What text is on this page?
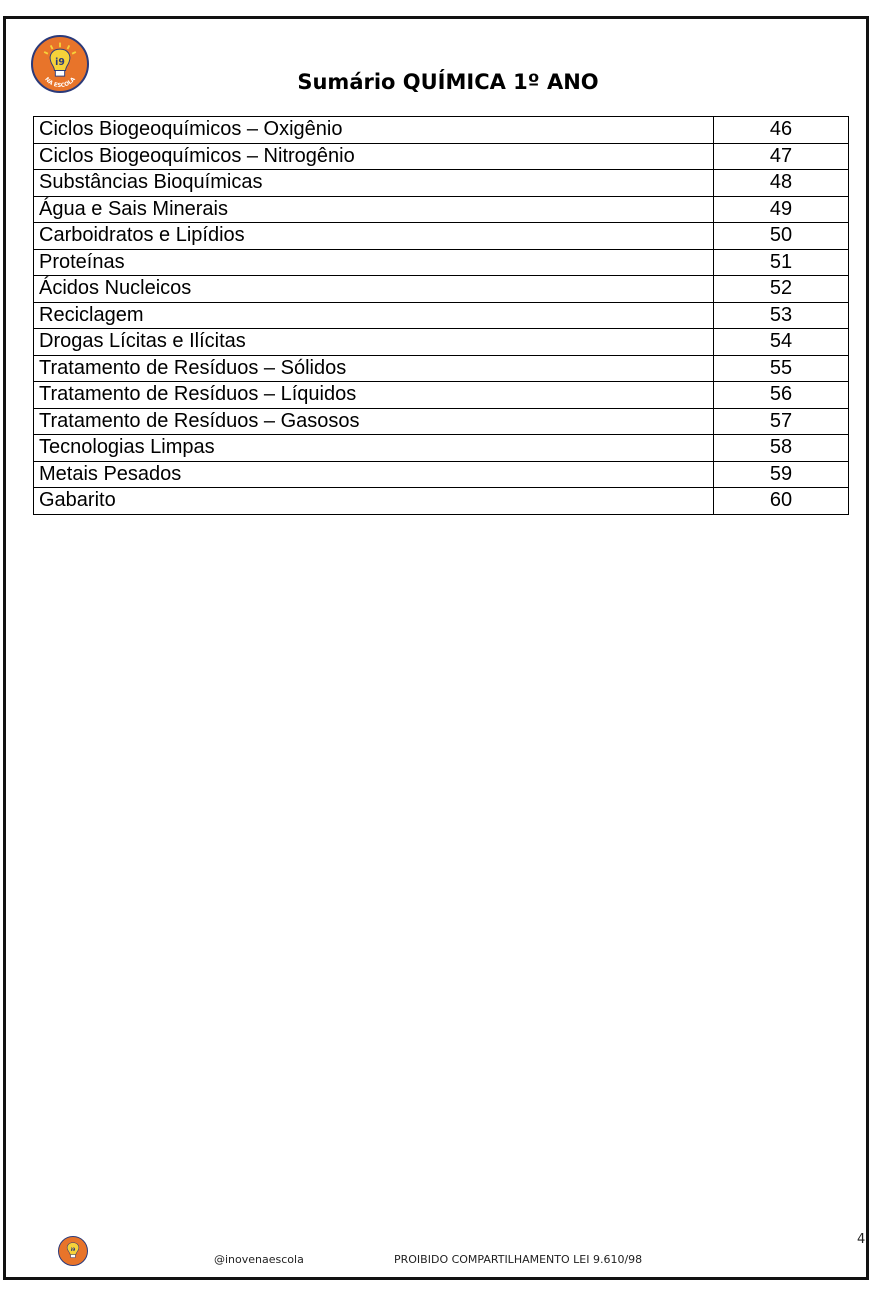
i9
NA ESCOLA	Sumário QUÍMICA 1º ANO
Ciclos Biogeoquímicos – Oxigênio	46
Ciclos Biogeoquímicos – Nitrogênio	47
Substâncias Bioquímicas	48
Água e Sais Minerais	49
Carboidratos e Lipídios	50
Proteínas	51
Ácidos Nucleicos	52
Reciclagem	53
Drogas Lícitas e Ilícitas	54
Tratamento de Resíduos – Sólidos	55
Tratamento de Resíduos – Líquidos	56
Tratamento de Resíduos – Gasosos	57
Tecnologias Limpas	58
Metais Pesados	59
Gabarito	60
i9
@inovenaescola	PROIBIDO COMPARTILHAMENTO LEI 9.610/98
4
